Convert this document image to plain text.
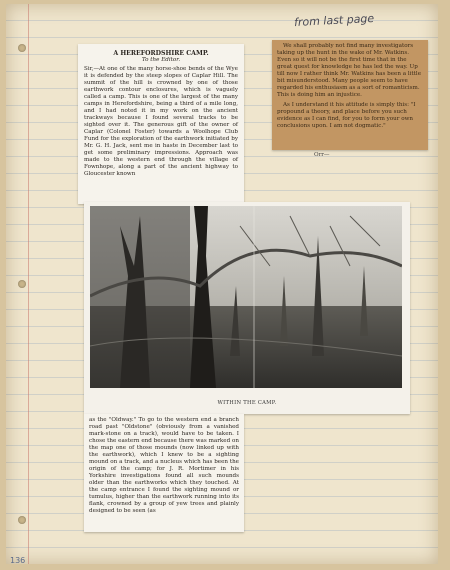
from last page
A HEREFORDSHIRE CAMP.
To the Editor.
Sir,—At one of the many horse-shoe bends of the Wye it is defended by the steep slopes of Caplar Hill. The summit of the hill is crowned by one of those earthwork contour enclosures, which is vaguely called a camp. This is one of the largest of the many camps in Herefordshire, being a third of a mile long, and I had noted it in my work on the ancient trackways because I found several tracks to be sighted over it. The generous gift of the owner of Caplar (Colonel Foster) towards a Woolhope Club Fund for the exploration of the earthwork initiated by Mr. G. H. Jack, sent me in haste in December last to get some preliminary impressions. Approach was made to the western end through the village of Fownhope, along a part of the ancient highway to Gloucester known

We shall probably not find many investigators taking up the hunt in the wake of Mr. Watkins. Even so it will not be the first time that in the great quest for knowledge he has led the way. Up till now I rather think Mr. Watkins has been a little bit misunderstood. Many people seem to have regarded his enthusiasm as a sort of romanticism. This is doing him an injustice.

As I understand it his attitude is simply this: "I propound a theory, and place before you such evidence as I can find, for you to form your own conclusions upon. I am not dogmatic."

Orr—
WITHIN THE CAMP.
as the "Oldway." To go to the western end a branch road past "Oldstone" (obviously from a vanished mark-stone on a track), would have to be taken. I chose the eastern end because there was marked on the map one of those mounds (now linked up with the earthwork), which I knew to be a sighting mound on a track, and a nucleus which has been the origin of the camp; for J. R. Mortimer in his Yorkshire investigations found all such mounds older than the earthworks which they touched. At the camp entrance I found the sighting mound or tumulus, higher than the earthwork running into its flank, crowned by a group of yew trees and plainly designed to be seen (as
136
